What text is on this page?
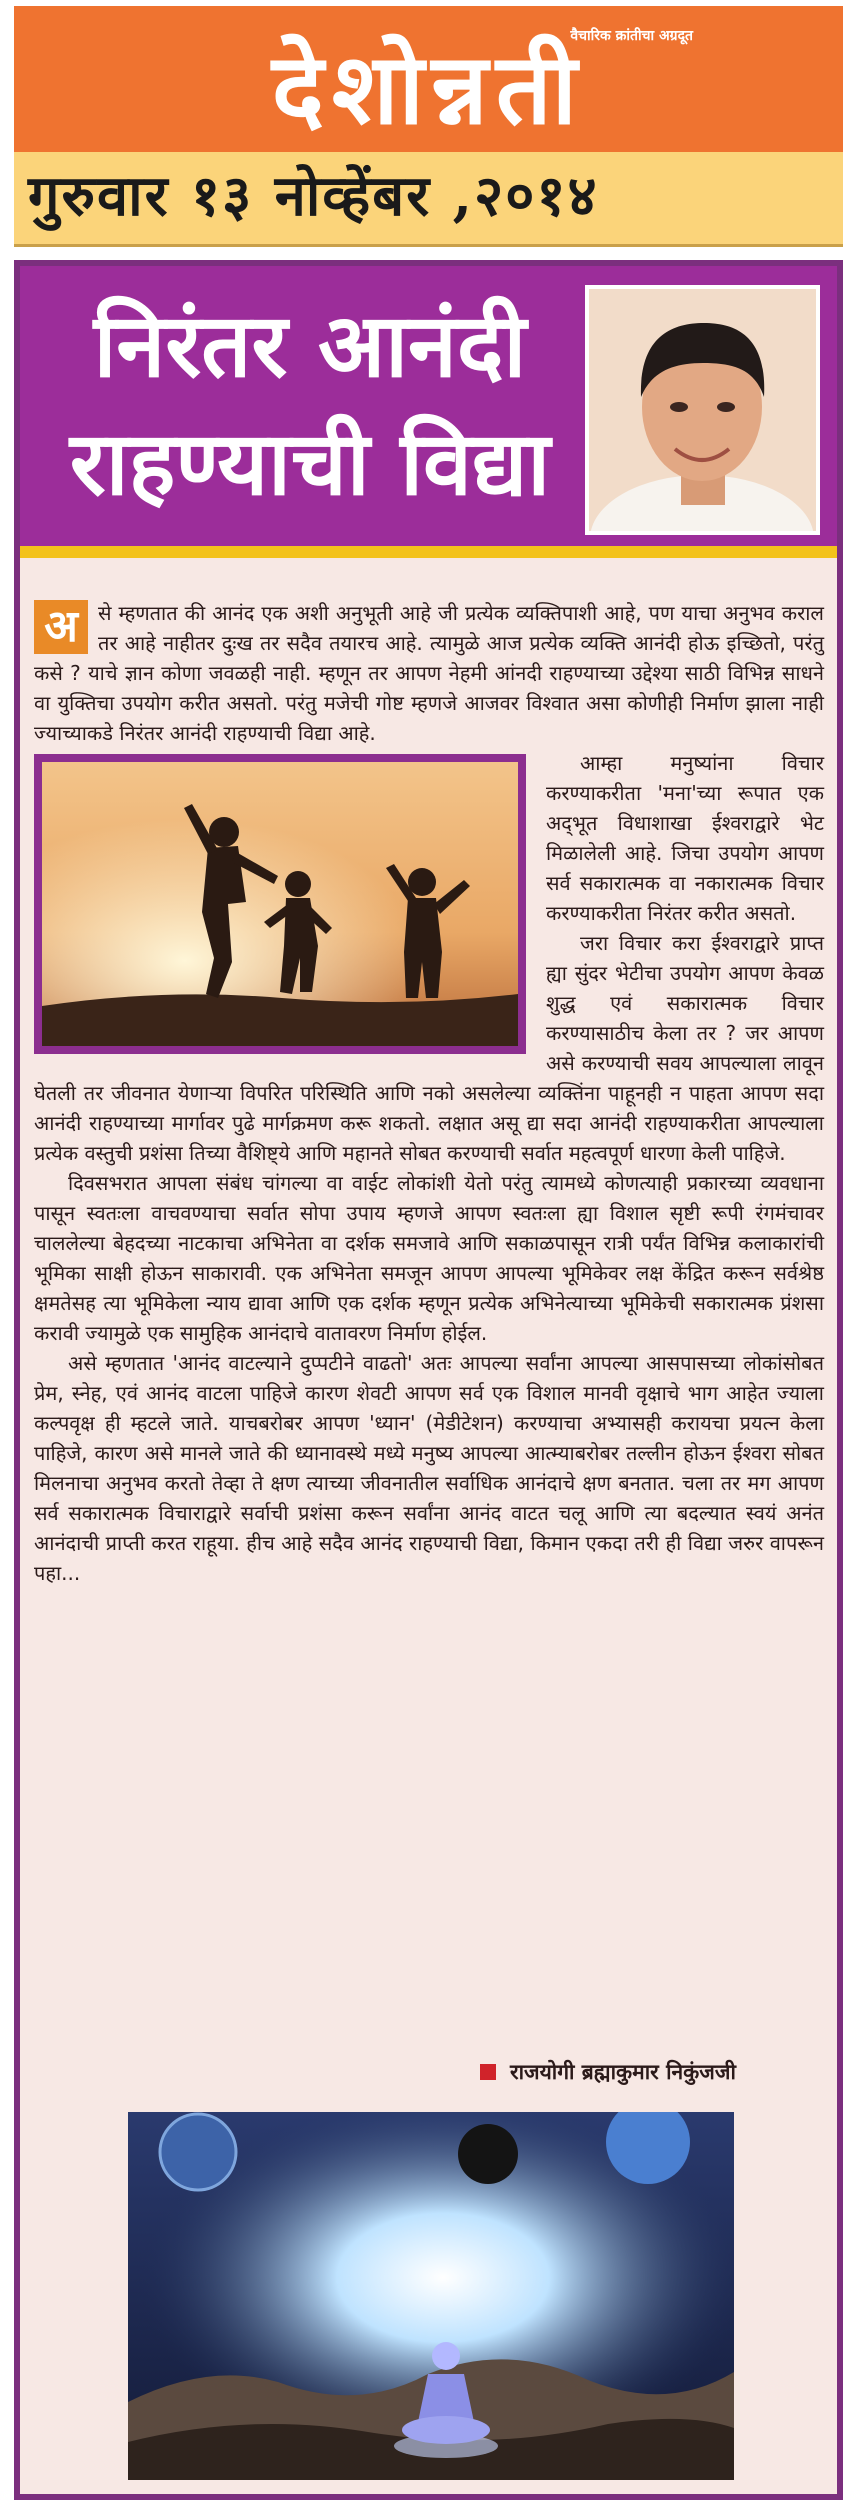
वैचारिक क्रांतीचा अग्रदूत
देशोन्नती
गुरुवार १३ नोव्हेंबर ,२०१४
निरंतर आनंदी
राहण्याची विद्या
अ	से म्हणतात की आनंद एक अशी अनुभूती आहे जी प्रत्येक व्यक्तिपाशी आहे, पण याचा अनुभव कराल तर आहे नाहीतर दुःख तर सदैव तयारच आहे. त्यामुळे आज प्रत्येक व्यक्ति आनंदी होऊ इच्छितो, परंतु कसे ? याचे ज्ञान कोणा जवळही नाही. म्हणून तर आपण नेहमी आंनदी राहण्याच्या उद्देश्या साठी विभिन्न साधने वा युक्तिचा उपयोग करीत असतो. परंतु मजेची गोष्ट म्हणजे आजवर विश्वात असा कोणीही निर्माण झाला नाही ज्याच्याकडे निरंतर आनंदी राहण्याची विद्या आहे.

आम्हा मनुष्यांना विचार करण्याकरीता 'मना'च्या रूपात एक अद्‌भूत विधाशाखा ईश्वराद्वारे भेट मिळालेली आहे. जिचा उपयोग आपण सर्व सकारात्मक वा नकारात्मक विचार करण्याकरीता निरंतर करीत असतो.

जरा विचार करा ईश्वराद्वारे प्राप्त ह्या सुंदर भेटीचा उपयोग आपण केवळ शुद्ध एवं सकारात्मक विचार करण्यासाठीच केला तर ? जर आपण असे करण्याची सवय आपल्याला लावून घेतली तर जीवनात येणाऱ्या विपरित परिस्थिति आणि नको असलेल्या व्यक्तिंना पाहूनही न पाहता आपण सदा आनंदी राहण्याच्या मार्गावर पुढे मार्गक्रमण करू शकतो. लक्षात असू द्या सदा आनंदी राहण्याकरीता आपल्याला प्रत्येक वस्तुची प्रशंसा तिच्या वैशिष्ट्ये आणि महानते सोबत करण्याची सर्वात महत्वपूर्ण धारणा केली पाहिजे.

दिवसभरात आपला संबंध चांगल्या वा वाईट लोकांशी येतो परंतु त्यामध्ये कोणत्याही प्रकारच्या व्यवधाना पासून स्वतःला वाचवण्याचा सर्वात सोपा उपाय म्हणजे आपण स्वतःला ह्या विशाल सृष्टी रूपी रंगमंचावर चाललेल्या बेहदच्या नाटकाचा अभिनेता वा दर्शक समजावे आणि सकाळपासून रात्री पर्यंत विभिन्न कलाकारांची भूमिका साक्षी होऊन साकारावी. एक अभिनेता समजून आपण आपल्या भूमिकेवर लक्ष केंद्रित करून सर्वश्रेष्ठ क्षमतेसह त्या भूमिकेला न्याय द्यावा आणि एक दर्शक म्हणून प्रत्येक अभिनेत्याच्या भूमिकेची सकारात्मक प्रंशसा करावी ज्यामुळे एक सामुहिक आनंदाचे वातावरण निर्माण होईल.

असे म्हणतात 'आनंद वाटल्याने दुप्पटीने वाढतो' अतः आपल्या सर्वांना आपल्या आसपासच्या लोकांसोबत प्रेम, स्नेह, एवं आनंद वाटला पाहिजे कारण शेवटी आपण सर्व एक विशाल मानवी वृक्षाचे भाग आहेत ज्याला कल्पवृक्ष ही म्हटले जाते. याचबरोबर आपण 'ध्यान' (मेडीटेशन) करण्याचा अभ्यासही करायचा प्रयत्न केला पाहिजे, कारण असे मानले जाते की ध्यानावस्थे मध्ये मनुष्य आपल्या आत्म्याबरोबर तल्लीन होऊन ईश्वरा सोबत मिलनाचा अनुभव करतो तेव्हा ते क्षण त्याच्या जीवनातील सर्वाधिक आनंदाचे क्षण बनतात. चला तर मग आपण सर्व सकारात्मक विचाराद्वारे सर्वाची प्रशंसा करून सर्वांना आनंद वाटत चलू आणि त्या बदल्यात स्वयं अनंत आनंदाची प्राप्ती करत राहूया. हीच आहे सदैव आनंद राहण्याची विद्या, किमान एकदा तरी ही विद्या जरुर वापरून पहा...

राजयोगी ब्रह्माकुमार निकुंजजी
